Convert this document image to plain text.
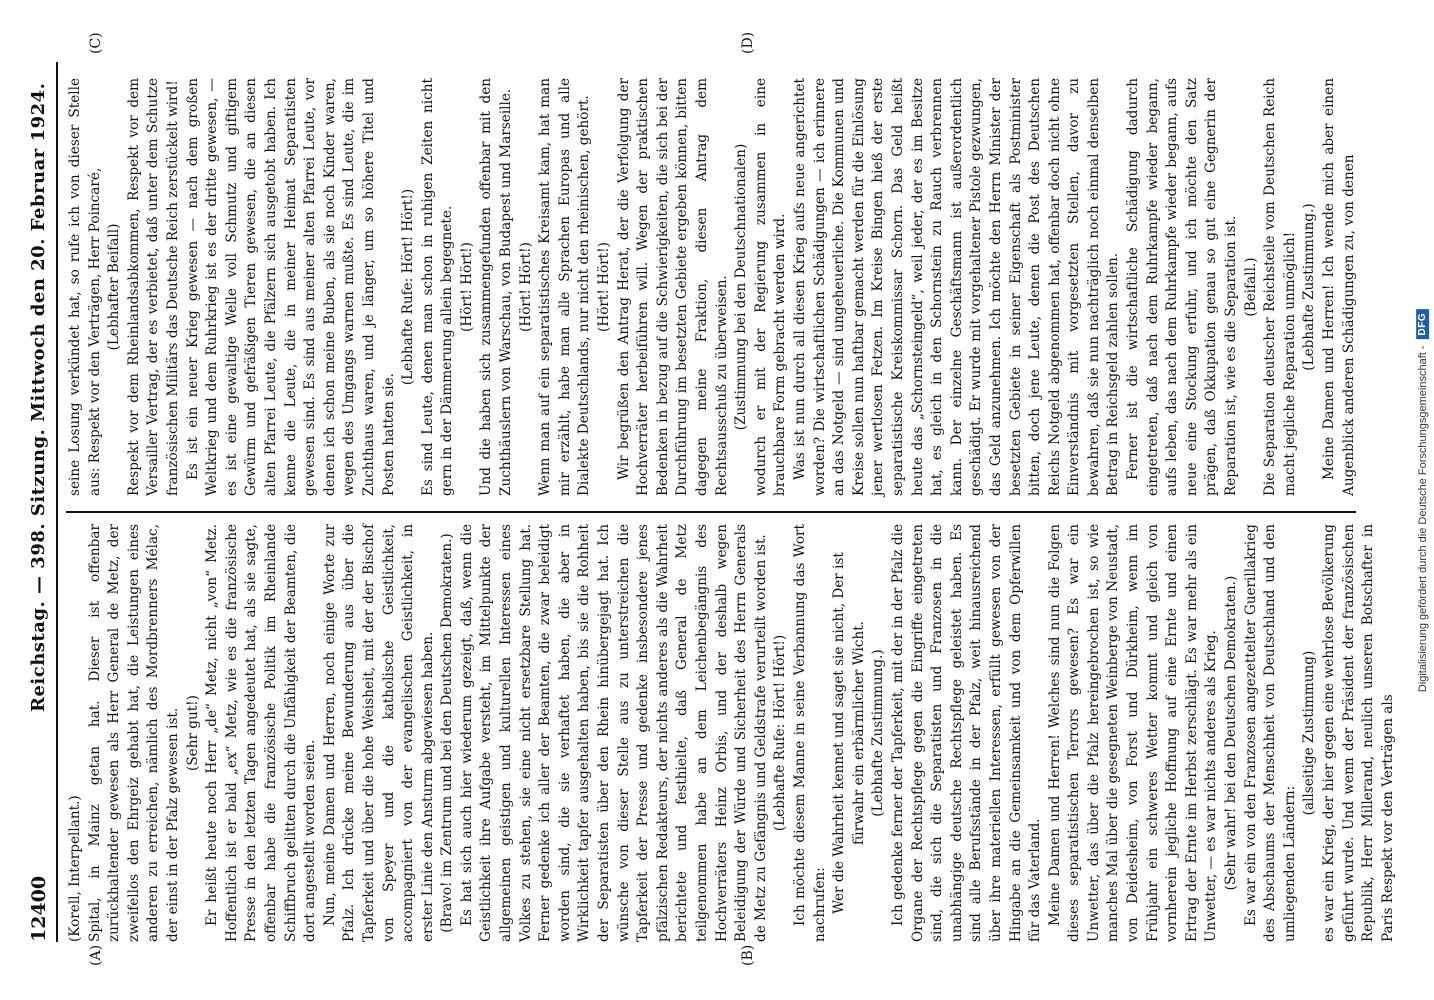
12400
Reichstag. — 398. Sitzung. Mittwoch den 20. Februar 1924.

(Korell, Interpellant.) Spital, in Mainz getan hat. Dieser ist offenbar zurückhaltender gewesen als Herr General de Metz, der zweifellos den Ehrgeiz gehabt hat, die Leistungen eines anderen zu erreichen, nämlich des Mordbrenners Mélac, der einst in der Pfalz gewesen ist. (Sehr gut!) Er heißt heute noch Herr „de“ Metz, nicht „von“ Metz. Hoffentlich ist er bald „ex“ Metz, wie es die französische Presse in den letzten Tagen angedeutet hat, als sie sagte, offenbar habe die französische Politik im Rheinlande Schiffbruch gelitten durch die Unfähigkeit der Beamten, die dort angestellt worden seien. Nun, meine Damen und Herren, noch einige Worte zur Pfalz. Ich drücke meine Bewunderung aus über die Tapferkeit und über die hohe Weisheit, mit der der Bischof von Speyer und die katholische Geistlichkeit, accompagniert von der evangelischen Geistlichkeit, in erster Linie den Ansturm abgewiesen haben. (Bravo! im Zentrum und bei den Deutschen Demokraten.) Es hat sich auch hier wiederum gezeigt, daß, wenn die Geistlichkeit ihre Aufgabe versteht, im Mittelpunkte der allgemeinen geistigen und kulturellen Interessen eines Volkes zu stehen, sie eine nicht ersetzbare Stellung hat. Ferner gedenke ich aller der Beamten, die zwar beleidigt worden sind, die sie verhaftet haben, die aber in Wirklichkeit tapfer ausgehalten haben, bis sie die Rohheit der Separatisten über den Rhein hinübergejagt hat. Ich wünsche von dieser Stelle aus zu unterstreichen die Tapferkeit der Presse und gedenke insbesondere jenes pfälzischen Redakteurs, der nichts anderes als die Wahrheit berichtete und festhielte, daß General de Metz teilgenommen habe an dem Leichenbegängnis des Hochverräters Heinz Orbis, und der deshalb wegen Beleidigung der Würde und Sicherheit des Herrn Generals de Metz zu Gefängnis und Geldstrafe verurteilt worden ist. (Lebhafte Rufe: Hört! Hört!) Ich möchte diesem Manne in seine Verbannung das Wort nachrufen: Wer die Wahrheit kennet und saget sie nicht, Der ist fürwahr ein erbärmlicher Wicht. (Lebhafte Zustimmung.) Ich gedenke ferner der Tapferkeit, mit der in der Pfalz die Organe der Rechtspflege gegen die Eingriffe eingetreten sind, die sich die Separatisten und Franzosen in die unabhängige deutsche Rechtspflege geleistet haben. Es sind alle Berufsstände in der Pfalz, weit hinausreichend über ihre materiellen Interessen, erfüllt gewesen von der Hingabe an die Gemeinsamkeit und von dem Opferwillen für das Vaterland. Meine Damen und Herren! Welches sind nun die Folgen dieses separatistischen Terrors gewesen? Es war ein Unwetter, das über die Pfalz hereingebrochen ist, so wie manches Mal über die gesegneten Weinberge von Neustadt, von Deidesheim, von Forst und Dürkheim, wenn im Frühjahr ein schweres Wetter kommt und gleich von vornherein jegliche Hoffnung auf eine Ernte und einen Ertrag der Ernte im Herbst zerschlägt. Es war mehr als ein Unwetter, — es war nichts anderes als Krieg. (Sehr wahr! bei den Deutschen Demokraten.) Es war ein von den Franzosen angezettelter Guerillakrieg des Abschaums der Menschheit von Deutschland und den umliegenden Ländern:

(allseitige Zustimmung) es war ein Krieg, der hier gegen eine wehrlose Bevölkerung geführt wurde. Und wenn der Präsident der französischen Republik, Herr Millerand, neulich unseren Botschafter in Paris Respekt vor den Verträgen als

seine Losung verkündet hat, so rufe ich von dieser Stelle aus: Respekt vor den Verträgen, Herr Poincaré, (Lebhafter Beifall) Respekt vor dem Rheinlandsabkommen, Respekt vor dem Versailler Vertrag, der es verbietet, daß unter dem Schutze französischen Militärs das Deutsche Reich zerstückelt wird! Es ist ein neuer Krieg gewesen — nach dem großen Weltkrieg und dem Ruhrkrieg ist es der dritte gewesen, — es ist eine gewaltige Welle voll Schmutz und giftigem Gewürm und gefräßigen Tieren gewesen, die an diesen alten Pfarrei Leute, die Pfälzern sich ausgetobt haben. Ich kenne die Leute, die in meiner Heimat Separatisten gewesen sind. Es sind aus meiner alten Pfarrei Leute, vor denen ich schon meine Buben, als sie noch Kinder waren, wegen des Umgangs warnen mußte. Es sind Leute, die im Zuchthaus waren, und je länger, um so höhere Titel und Posten hatten sie.

(Lebhafte Rufe: Hört! Hört!) Es sind Leute, denen man schon in ruhigen Zeiten nicht gern in der Dämmerung allein begegnete. (Hört! Hört!) Und die haben sich zusammengefunden offenbar mit den Zuchthäuslern von Warschau, von Budapest und Marseille. (Hört! Hört!) Wenn man auf ein separatistisches Kreisamt kam, hat man mir erzählt, habe man alle Sprachen Europas und alle Dialekte Deutschlands, nur nicht den rheinischen, gehört. (Hört! Hört!) Wir begrüßen den Antrag Herat, der die Verfolgung der Hochverräter herbeiführen will. Wegen der praktischen Bedenken in bezug auf die Schwierigkeiten, die sich bei der Durchführung im besetzten Gebiete ergeben können, bitten dagegen meine Fraktion, diesen Antrag dem Rechtsausschuß zu überweisen. (Zustimmung bei den Deutschnationalen) wodurch er mit der Regierung zusammen in eine brauchbare Form gebracht werden wird. Was ist nun durch all diesen Krieg aufs neue angerichtet worden? Die wirtschaftlichen Schädigungen — ich erinnere an das Notgeld — sind ungeheuerliche. Die Kommunen und Kreise sollen nun haftbar gemacht werden für die Einlösung jener wertlosen Fetzen. Im Kreise Bingen hieß der erste separatistische Kreiskommissar Schorn. Das Geld heißt heute das „Schornsteingeld“, weil jeder, der es im Besitze hat, es gleich in den Schornstein zu Rauch verbrennen kann. Der einzelne Geschäftsmann ist außerordentlich geschädigt. Er wurde mit vorgehaltener Pistole gezwungen, das Geld anzunehmen. Ich möchte den Herrn Minister der besetzten Gebiete in seiner Eigenschaft als Postminister bitten, doch jene Leute, denen die Post des Deutschen Reichs Notgeld abgenommen hat, offenbar doch nicht ohne Einverständnis mit vorgesetzten Stellen, davor zu bewahren, daß sie nun nachträglich noch einmal denselben Betrag in Reichsgeld zahlen sollen. Ferner ist die wirtschaftliche Schädigung dadurch eingetreten, daß nach dem Ruhrkampfe wieder begann, aufs leben, das nach dem Ruhrkampfe wieder begann, aufs neue eine Stockung erfuhr, und ich möchte den Satz prägen, daß Okkupation genau so gut eine Gegnerin der Reparation ist, wie es die Separation ist. (Beifall.) Die Separation deutscher Reichsteile vom Deutschen Reich macht jegliche Reparation unmöglich! (Lebhafte Zustimmung.) Meine Damen und Herren! Ich wende mich aber einen Augenblick anderen Schädigungen zu, von denen

(A)	(B)
(C)	(D)
Digitalisierung gefördert durch die Deutsche Forschungsgemeinschaft -
DFG
